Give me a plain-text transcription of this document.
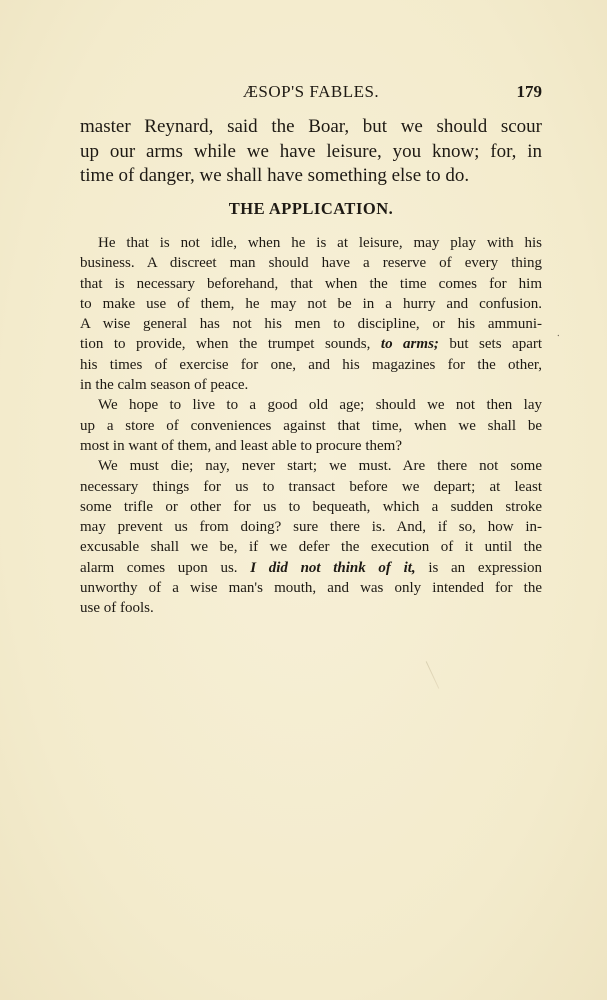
ÆSOP'S FABLES.	179

master Reynard, said the Boar, but we should scour
up our arms while we have leisure, you know; for, in
time of danger, we shall have something else to do.

THE APPLICATION.
He that is not idle, when he is at leisure, may play with his
business. A discreet man should have a reserve of every thing
that is necessary beforehand, that when the time comes for him
to make use of them, he may not be in a hurry and confusion.
A wise general has not his men to discipline, or his ammuni-
tion to provide, when the trumpet sounds, to arms; but sets apart
his times of exercise for one, and his magazines for the other,
in the calm season of peace.
We hope to live to a good old age; should we not then lay
up a store of conveniences against that time, when we shall be
most in want of them, and least able to procure them?
We must die; nay, never start; we must. Are there not some
necessary things for us to transact before we depart; at least
some trifle or other for us to bequeath, which a sudden stroke
may prevent us from doing? sure there is. And, if so, how in-
excusable shall we be, if we defer the execution of it until the
alarm comes upon us. I did not think of it, is an expression
unworthy of a wise man's mouth, and was only intended for the
use of fools.
⸱
